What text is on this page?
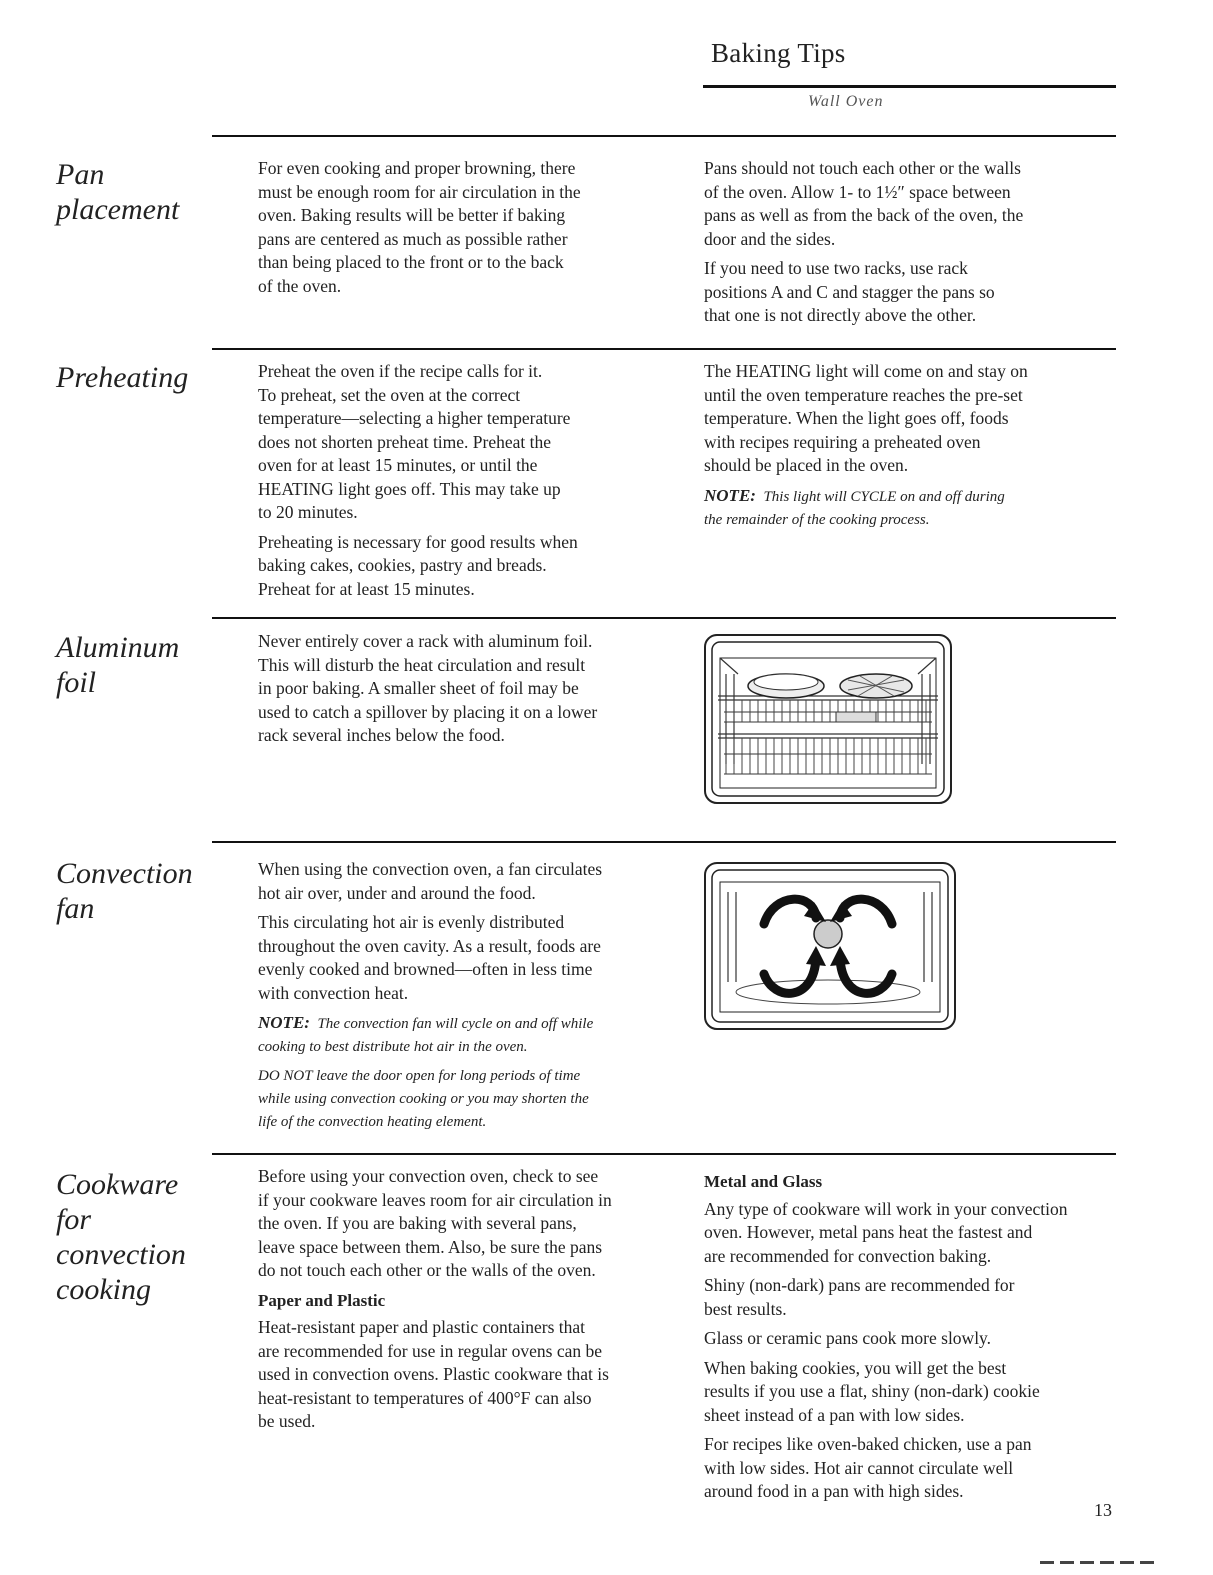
Baking Tips
Wall Oven
Pan
placement

For even cooking and proper browning, there
must be enough room for air circulation in the
oven. Baking results will be better if baking
pans are centered as much as possible rather
than being placed to the front or to the back
of the oven.

Pans should not touch each other or the walls
of the oven. Allow 1- to 1½″ space between
pans as well as from the back of the oven, the
door and the sides.

If you need to use two racks, use rack
positions A and C and stagger the pans so
that one is not directly above the other.

Preheating	Preheat the oven if the recipe calls for it.
To preheat, set the oven at the correct
temperature—selecting a higher temperature
does not shorten preheat time. Preheat the
oven for at least 15 minutes, or until the
HEATING light goes off. This may take up
to 20 minutes.

Preheating is necessary for good results when
baking cakes, cookies, pastry and breads.
Preheat for at least 15 minutes.

The HEATING light will come on and stay on
until the oven temperature reaches the pre-set
temperature. When the light goes off, foods
with recipes requiring a preheated oven
should be placed in the oven.

NOTE: This light will CYCLE on and off during
the remainder of the cooking process.

Aluminum
foil

Never entirely cover a rack with aluminum foil.
This will disturb the heat circulation and result
in poor baking. A smaller sheet of foil may be
used to catch a spillover by placing it on a lower
rack several inches below the food.

Convection
fan

When using the convection oven, a fan circulates
hot air over, under and around the food.

This circulating hot air is evenly distributed
throughout the oven cavity. As a result, foods are
evenly cooked and browned—often in less time
with convection heat.

NOTE: The convection fan will cycle on and off while
cooking to best distribute hot air in the oven.

DO NOT leave the door open for long periods of time
while using convection cooking or you may shorten the
life of the convection heating element.

Cookware
for
convection
cooking

Before using your convection oven, check to see
if your cookware leaves room for air circulation in
the oven. If you are baking with several pans,
leave space between them. Also, be sure the pans
do not touch each other or the walls of the oven.

Paper and Plastic

Heat-resistant paper and plastic containers that
are recommended for use in regular ovens can be
used in convection ovens. Plastic cookware that is
heat-resistant to temperatures of 400°F can also
be used.

Metal and Glass

Any type of cookware will work in your convection
oven. However, metal pans heat the fastest and
are recommended for convection baking.

Shiny (non-dark) pans are recommended for
best results.

Glass or ceramic pans cook more slowly.

When baking cookies, you will get the best
results if you use a flat, shiny (non-dark) cookie
sheet instead of a pan with low sides.

For recipes like oven-baked chicken, use a pan
with low sides. Hot air cannot circulate well
around food in a pan with high sides.

13
